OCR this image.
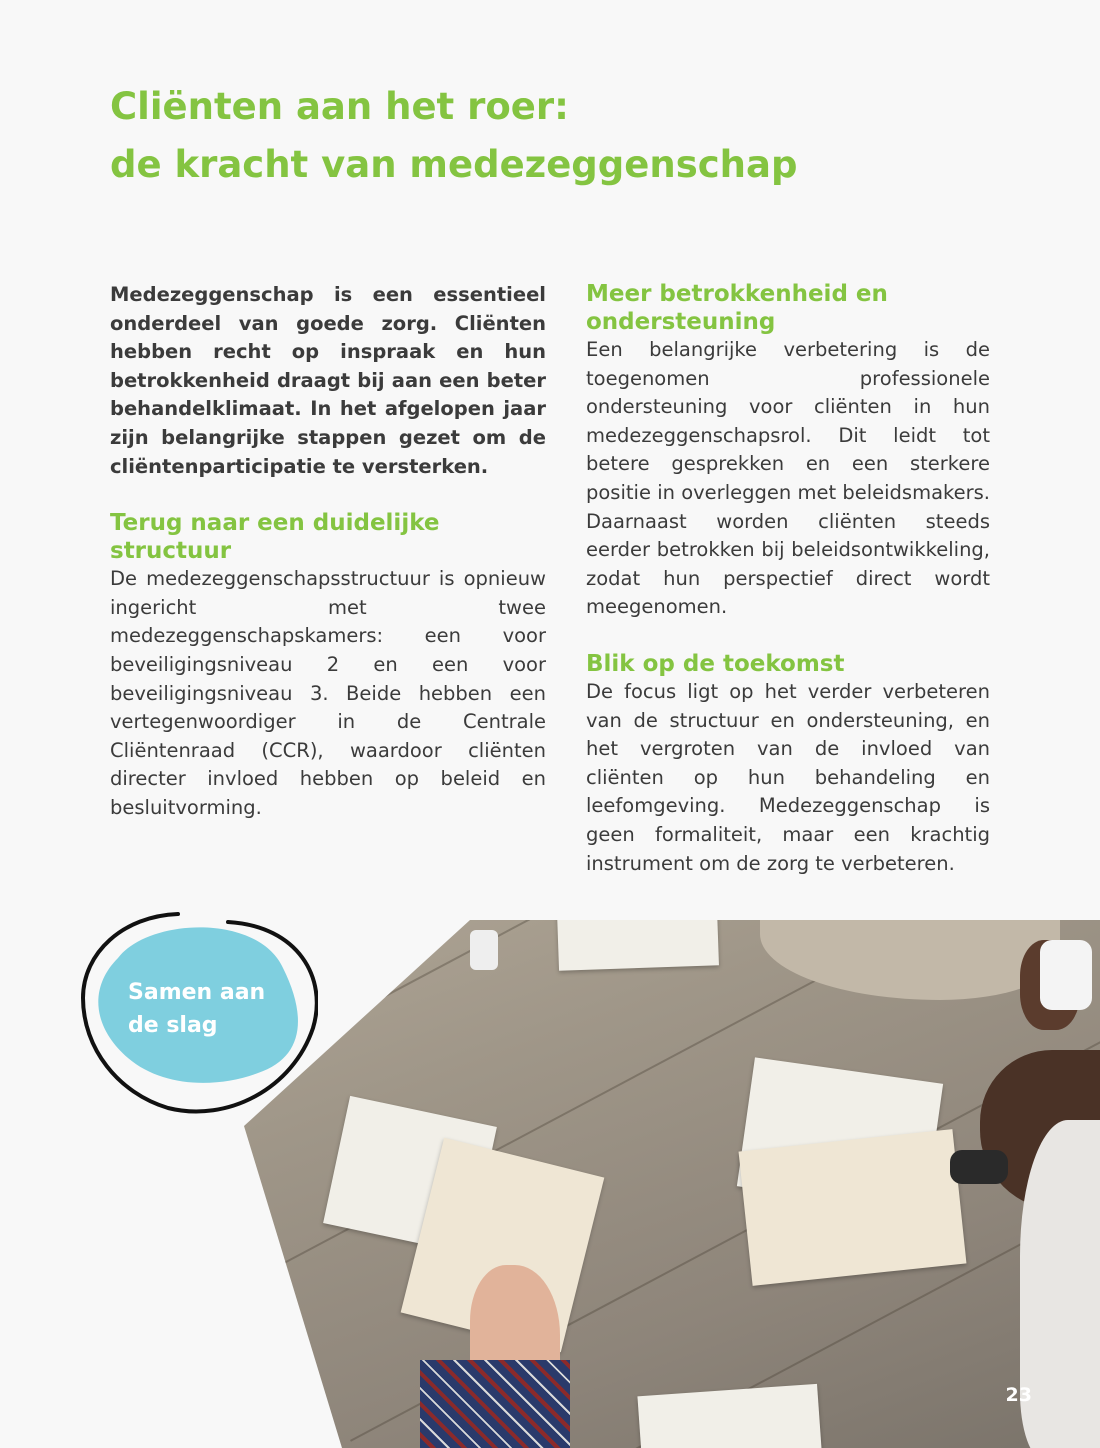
Cliënten aan het roer:
de kracht van medezeggenschap

Medezeggenschap is een essentieel onderdeel van goede zorg. Cliënten hebben recht op inspraak en hun betrokkenheid draagt bij aan een beter behandelklimaat. In het afgelopen jaar zijn belangrijke stappen gezet om de cliëntenparticipatie te versterken.

Terug naar een duidelijke structuur

De medezeggenschapsstructuur is opnieuw ingericht met twee medezeggenschapskamers: een voor beveiligingsniveau 2 en een voor beveiligingsniveau 3. Beide hebben een vertegenwoordiger in de Centrale Cliëntenraad (CCR), waardoor cliënten directer invloed hebben op beleid en besluitvorming.

Meer betrokkenheid en ondersteuning

Een belangrijke verbetering is de toegenomen professionele ondersteuning voor cliënten in hun medezeggenschapsrol. Dit leidt tot betere gesprekken en een sterkere positie in overleggen met beleidsmakers. Daarnaast worden cliënten steeds eerder betrokken bij beleidsontwikkeling, zodat hun perspectief direct wordt meegenomen.

Blik op de toekomst

De focus ligt op het verder verbeteren van de structuur en ondersteuning, en het vergroten van de invloed van cliënten op hun behandeling en leefomgeving. Medezeggenschap is geen formaliteit, maar een krachtig instrument om de zorg te verbeteren.

Samen aan
de slag

23
